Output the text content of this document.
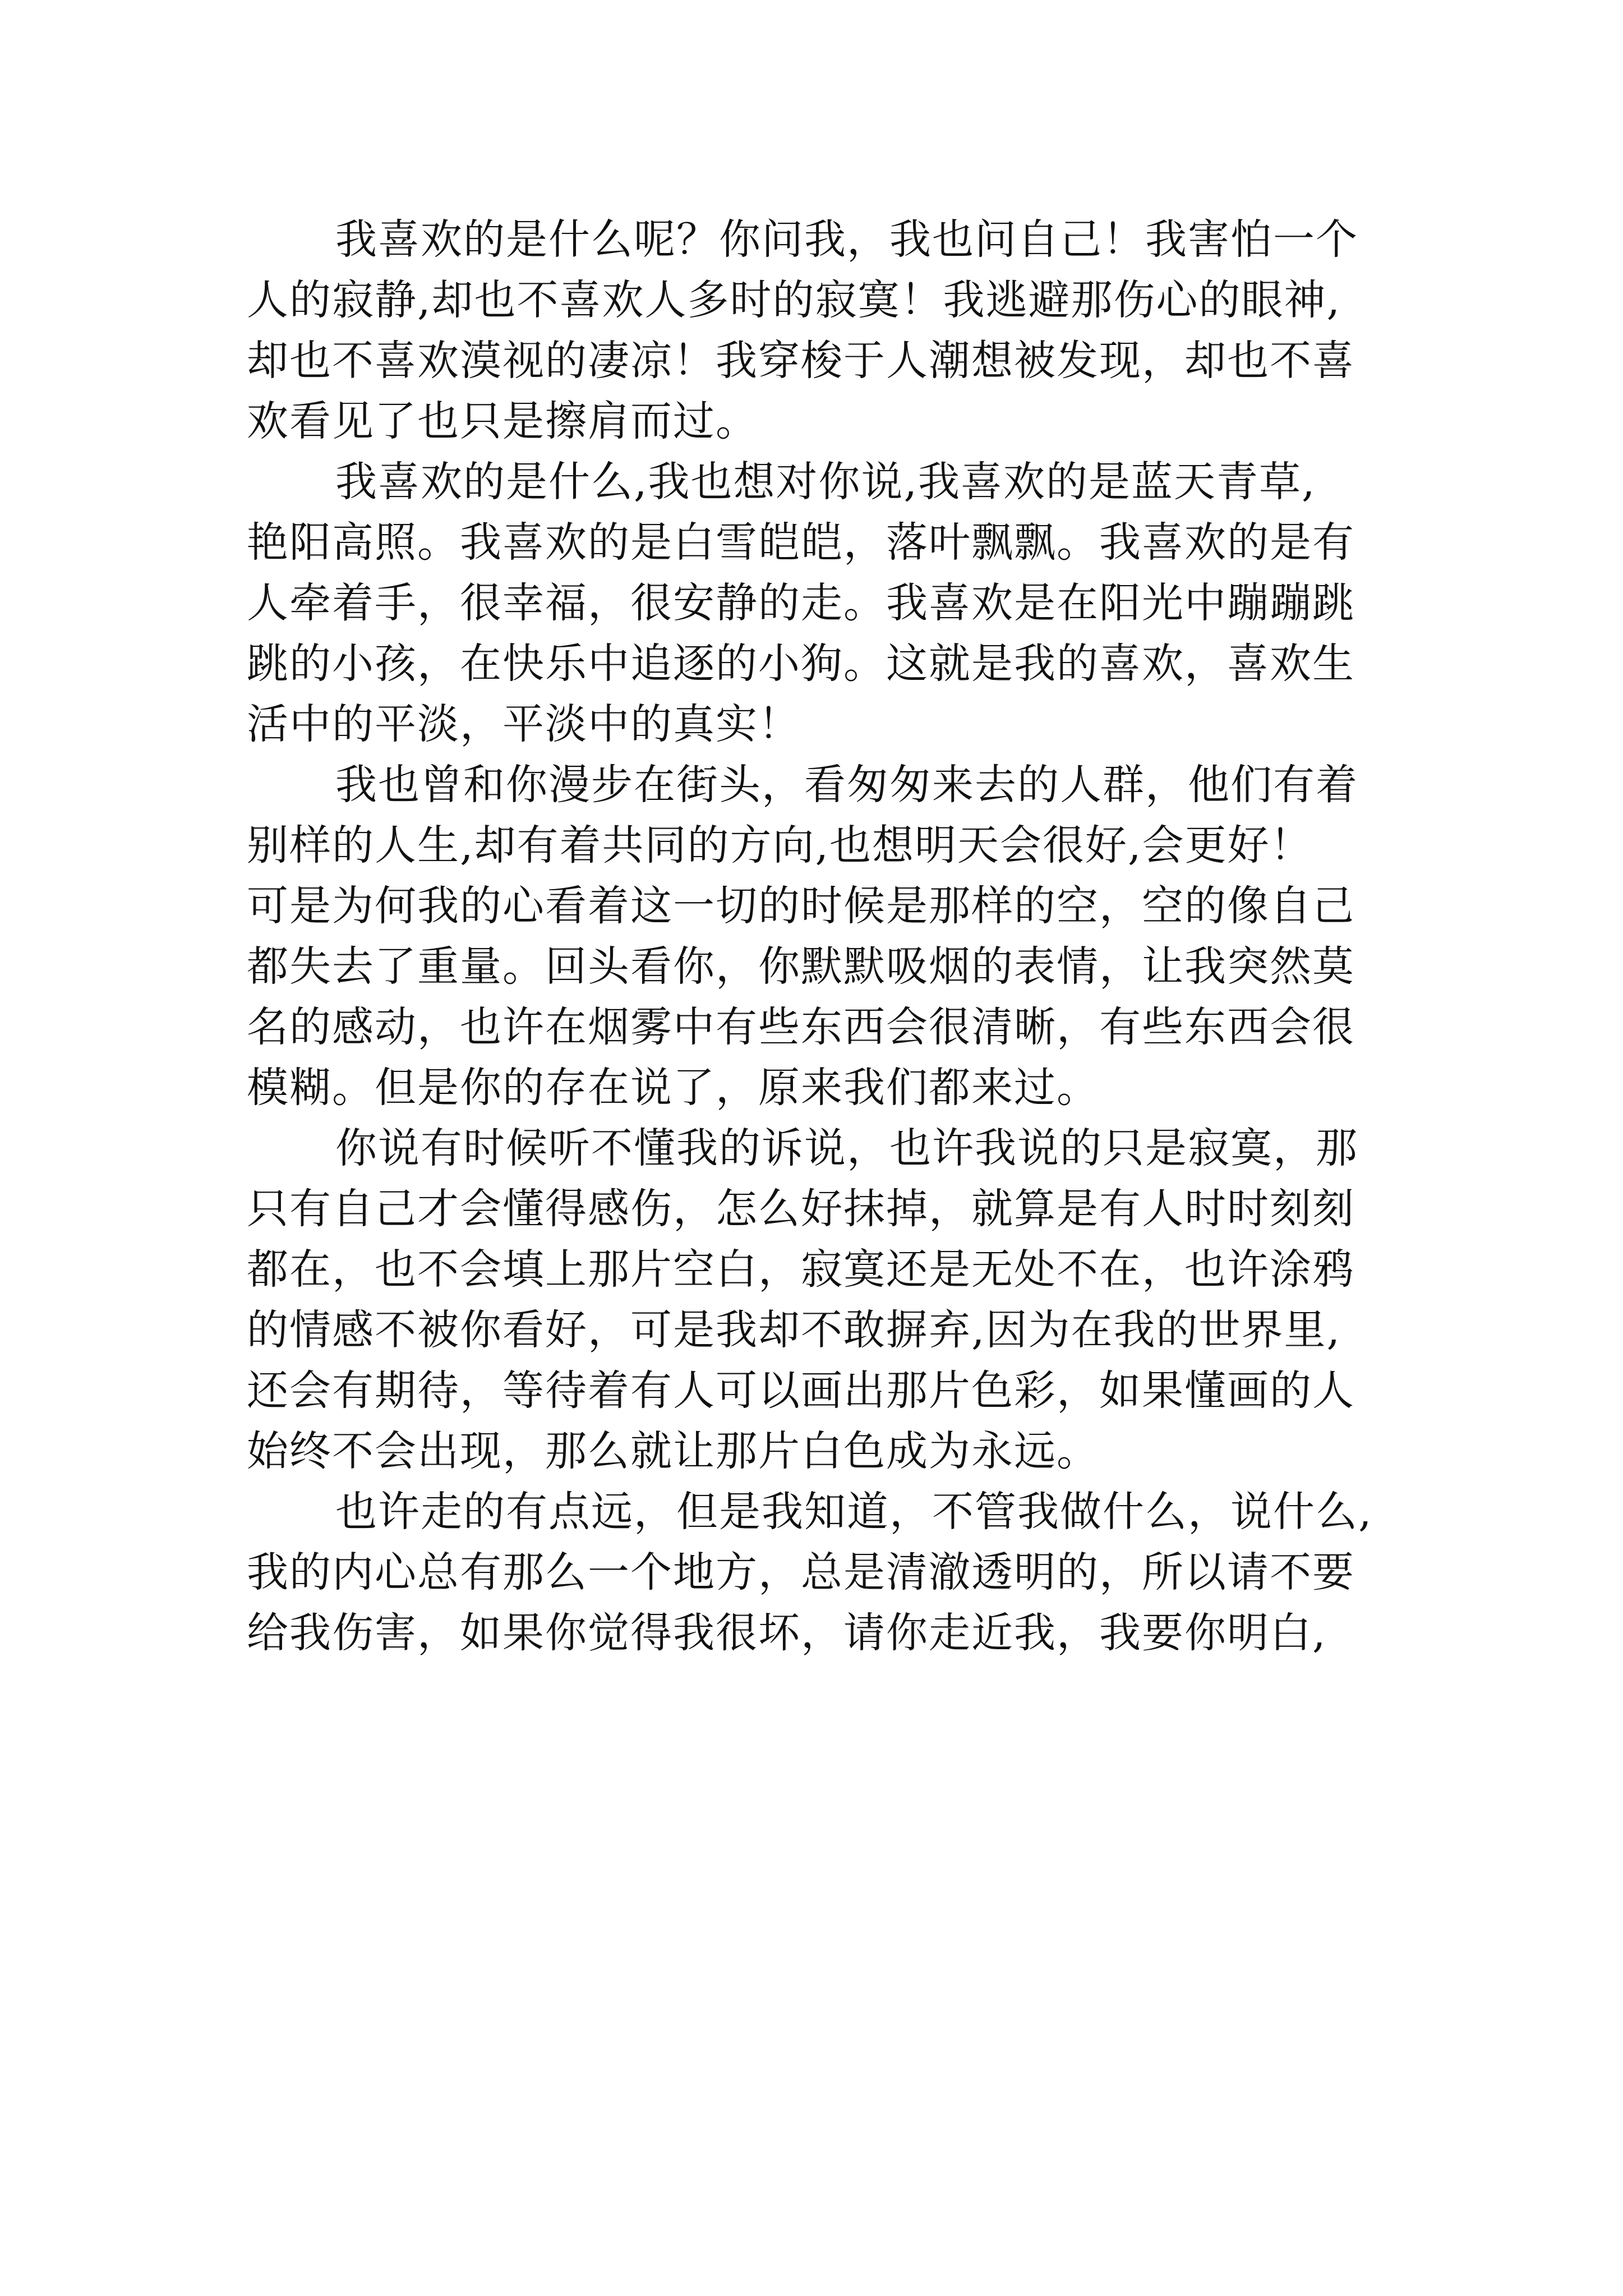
我喜欢的是什么呢？你问我，我也问自己！我害怕一个
人的寂静,却也不喜欢人多时的寂寞！我逃避那伤心的眼神,
却也不喜欢漠视的凄凉！我穿梭于人潮想被发现，却也不喜
欢看见了也只是擦肩而过。
我喜欢的是什么,我也想对你说,我喜欢的是蓝天青草,
艳阳高照。我喜欢的是白雪皑皑，落叶飘飘。我喜欢的是有
人牵着手，很幸福，很安静的走。我喜欢是在阳光中蹦蹦跳
跳的小孩，在快乐中追逐的小狗。这就是我的喜欢，喜欢生
活中的平淡，平淡中的真实！
我也曾和你漫步在街头，看匆匆来去的人群，他们有着
别样的人生,却有着共同的方向,也想明天会很好,会更好！
可是为何我的心看着这一切的时候是那样的空，空的像自己
都失去了重量。回头看你，你默默吸烟的表情，让我突然莫
名的感动，也许在烟雾中有些东西会很清晰，有些东西会很
模糊。但是你的存在说了，原来我们都来过。
你说有时候听不懂我的诉说，也许我说的只是寂寞，那
只有自己才会懂得感伤，怎么好抹掉，就算是有人时时刻刻
都在，也不会填上那片空白，寂寞还是无处不在，也许涂鸦
的情感不被你看好，可是我却不敢摒弃,因为在我的世界里,
还会有期待，等待着有人可以画出那片色彩，如果懂画的人
始终不会出现，那么就让那片白色成为永远。
也许走的有点远，但是我知道，不管我做什么，说什么,
我的内心总有那么一个地方，总是清澈透明的，所以请不要
给我伤害，如果你觉得我很坏，请你走近我，我要你明白,
